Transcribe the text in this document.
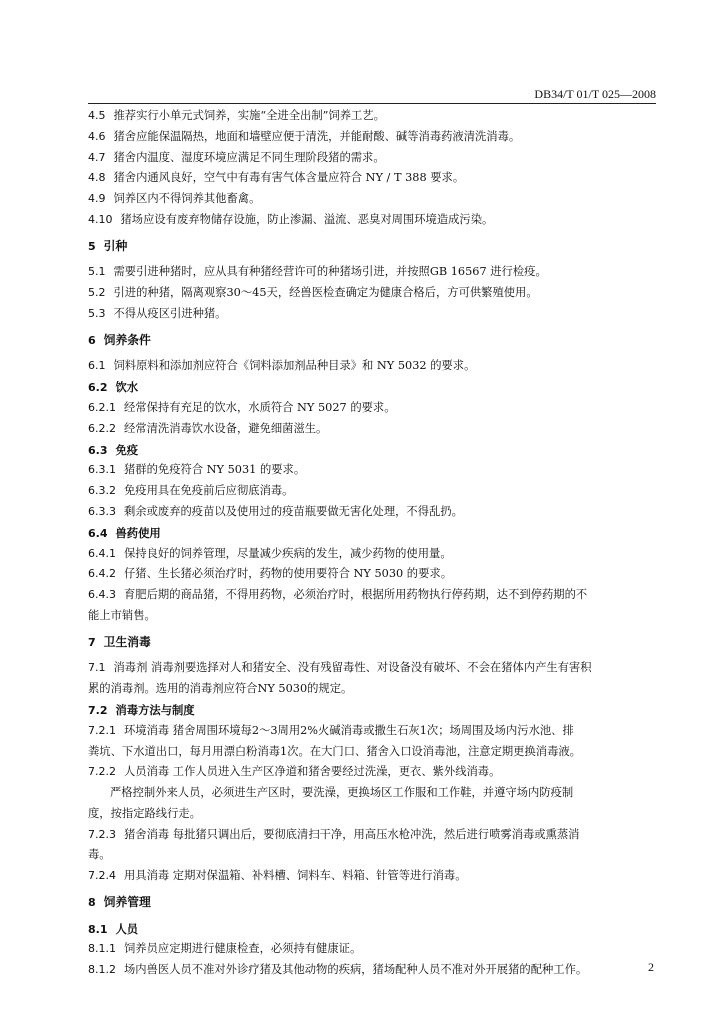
DB34/T 01/T 025—2008
4.5 推荐实行小单元式饲养，实施“全进全出制”饲养工艺。
4.6 猪舍应能保温隔热，地面和墙壁应便于清洗，并能耐酸、碱等消毒药液清洗消毒。
4.7 猪舍内温度、湿度环境应满足不同生理阶段猪的需求。
4.8 猪舍内通风良好，空气中有毒有害气体含量应符合 NY / T 388 要求。
4.9 饲养区内不得饲养其他畜禽。
4.10 猪场应设有废弃物储存设施，防止渗漏、溢流、恶臭对周围环境造成污染。
5 引种
5.1 需要引进种猪时，应从具有种猪经营许可的种猪场引进，并按照GB 16567 进行检疫。
5.2 引进的种猪，隔离观察30～45天，经兽医检查确定为健康合格后，方可供繁殖使用。
5.3 不得从疫区引进种猪。
6 饲养条件
6.1 饲料原料和添加剂应符合《饲料添加剂品种目录》和 NY 5032 的要求。
6.2 饮水
6.2.1 经常保持有充足的饮水，水质符合 NY 5027 的要求。
6.2.2 经常清洗消毒饮水设备，避免细菌滋生。
6.3 免疫
6.3.1 猪群的免疫符合 NY 5031 的要求。
6.3.2 免疫用具在免疫前后应彻底消毒。
6.3.3 剩余或废弃的疫苗以及使用过的疫苗瓶要做无害化处理，不得乱扔。
6.4 兽药使用
6.4.1 保持良好的饲养管理，尽量减少疾病的发生，减少药物的使用量。
6.4.2 仔猪、生长猪必须治疗时，药物的使用要符合 NY 5030 的要求。
6.4.3 育肥后期的商品猪，不得用药物，必须治疗时，根据所用药物执行停药期，达不到停药期的不
能上市销售。
7 卫生消毒
7.1 消毒剂 消毒剂要选择对人和猪安全、没有残留毒性、对设备没有破坏、不会在猪体内产生有害积
累的消毒剂。选用的消毒剂应符合NY 5030的规定。
7.2 消毒方法与制度
7.2.1 环境消毒 猪舍周围环境每2～3周用2%火碱消毒或撒生石灰1次；场周围及场内污水池、排
粪坑、下水道出口，每月用漂白粉消毒1次。在大门口、猪舍入口设消毒池，注意定期更换消毒液。
7.2.2 人员消毒 工作人员进入生产区净道和猪舍要经过洗澡，更衣、紫外线消毒。
严格控制外来人员，必须进生产区时，要洗澡，更换场区工作服和工作鞋，并遵守场内防疫制
度，按指定路线行走。
7.2.3 猪舍消毒 每批猪只调出后，要彻底清扫干净，用高压水枪冲洗，然后进行喷雾消毒或熏蒸消
毒。
7.2.4 用具消毒 定期对保温箱、补料槽、饲料车、料箱、针管等进行消毒。
8 饲养管理
8.1 人员
8.1.1 饲养员应定期进行健康检查，必须持有健康证。
8.1.2 场内兽医人员不准对外诊疗猪及其他动物的疾病，猪场配种人员不准对外开展猪的配种工作。	2
